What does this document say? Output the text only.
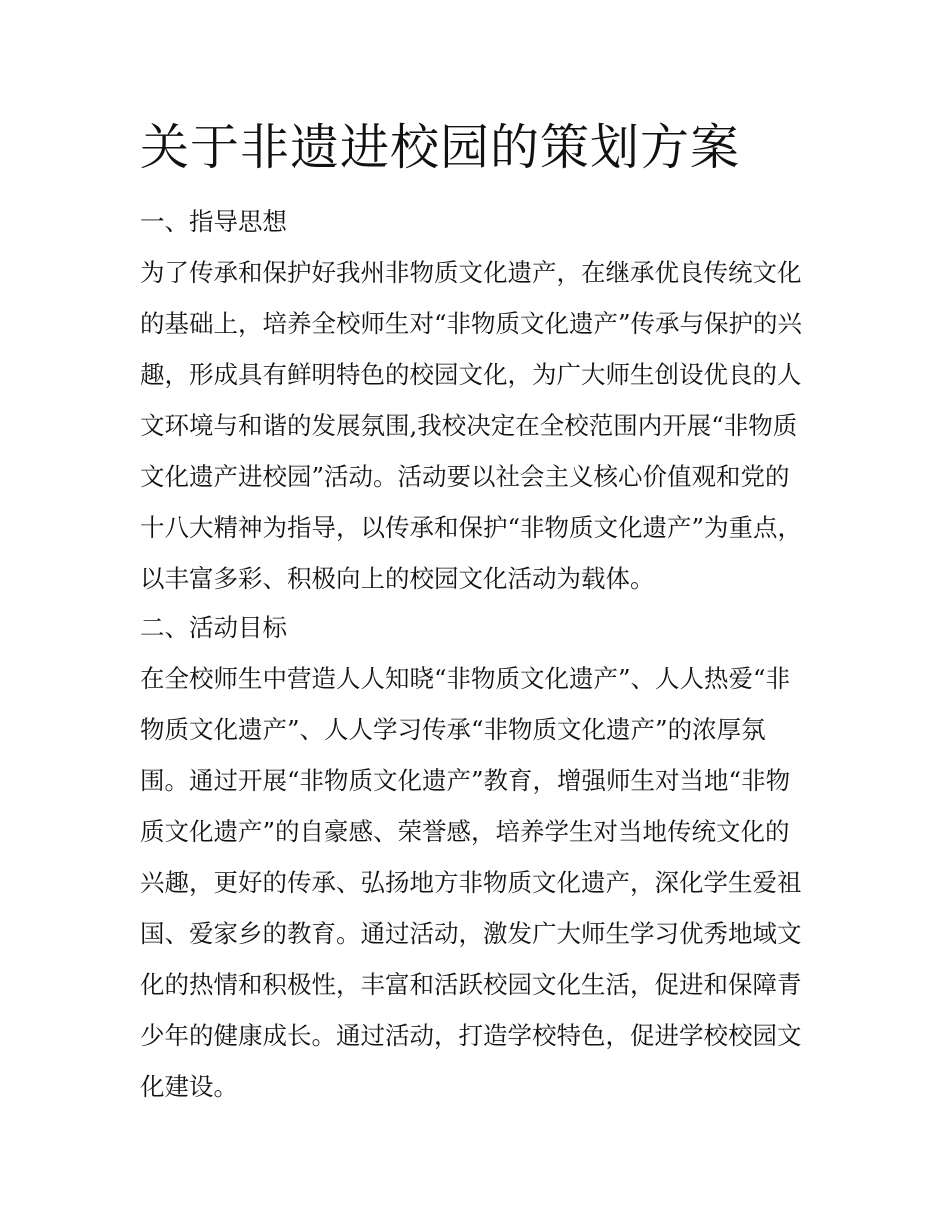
关于非遗进校园的策划方案

一、指导思想

为了传承和保护好我州非物质文化遗产，在继承优良传统文化

的基础上，培养全校师生对“非物质文化遗产”传承与保护的兴

趣，形成具有鲜明特色的校园文化，为广大师生创设优良的人

文环境与和谐的发展氛围,我校决定在全校范围内开展“非物质

文化遗产进校园”活动。活动要以社会主义核心价值观和党的

十八大精神为指导，以传承和保护“非物质文化遗产”为重点，

以丰富多彩、积极向上的校园文化活动为载体。

二、活动目标

在全校师生中营造人人知晓“非物质文化遗产”、人人热爱“非

物质文化遗产”、人人学习传承“非物质文化遗产”的浓厚氛

围。通过开展“非物质文化遗产”教育，增强师生对当地“非物

质文化遗产”的自豪感、荣誉感，培养学生对当地传统文化的

兴趣，更好的传承、弘扬地方非物质文化遗产，深化学生爱祖

国、爱家乡的教育。通过活动，激发广大师生学习优秀地域文

化的热情和积极性，丰富和活跃校园文化生活，促进和保障青

少年的健康成长。通过活动，打造学校特色，促进学校校园文

化建设。
